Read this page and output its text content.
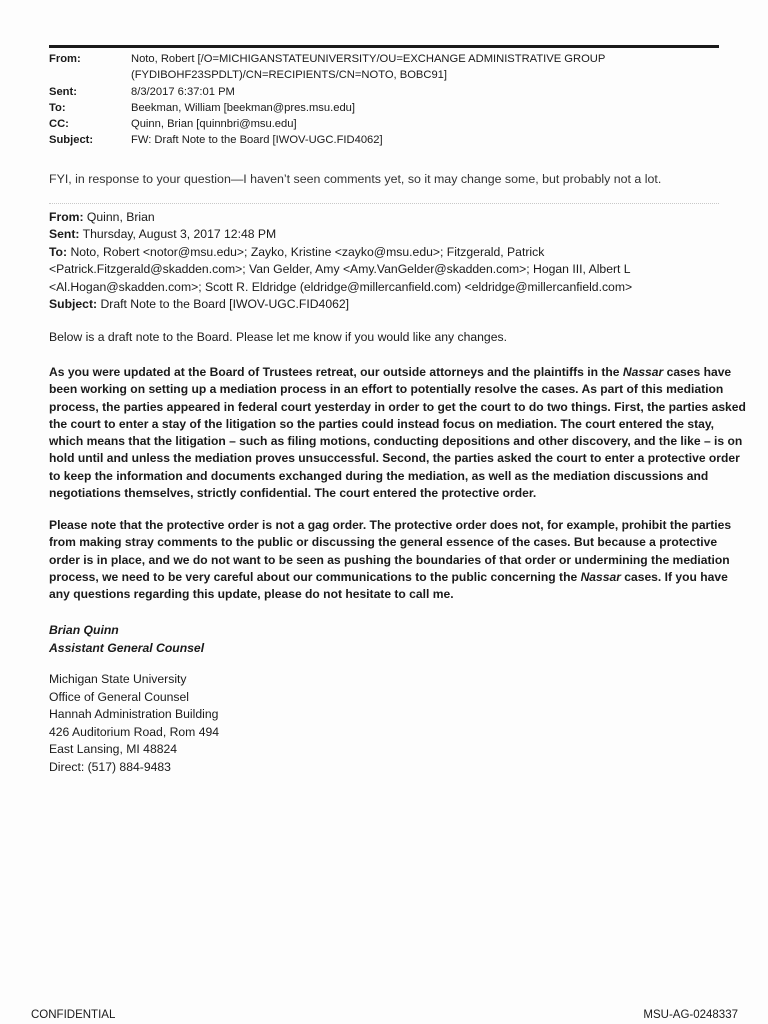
From:	Noto, Robert [/O=MICHIGANSTATEUNIVERSITY/OU=EXCHANGE ADMINISTRATIVE GROUP
(FYDIBOHF23SPDLT)/CN=RECIPIENTS/CN=NOTO, BOBC91]
Sent:	8/3/2017 6:37:01 PM
To:	Beekman, William [beekman@pres.msu.edu]
CC:	Quinn, Brian [quinnbri@msu.edu]
Subject:	FW: Draft Note to the Board [IWOV-UGC.FID4062]
FYI, in response to your question—I haven’t seen comments yet, so it may change some, but probably not a lot.
From: Quinn, Brian
Sent: Thursday, August 3, 2017 12:48 PM
To: Noto, Robert <notor@msu.edu>; Zayko, Kristine <zayko@msu.edu>; Fitzgerald, Patrick
<Patrick.Fitzgerald@skadden.com>; Van Gelder, Amy <Amy.VanGelder@skadden.com>; Hogan III, Albert L
<Al.Hogan@skadden.com>; Scott R. Eldridge (eldridge@millercanfield.com) <eldridge@millercanfield.com>
Subject: Draft Note to the Board [IWOV-UGC.FID4062]
Below is a draft note to the Board. Please let me know if you would like any changes.
As you were updated at the Board of Trustees retreat, our outside attorneys and the plaintiffs in the Nassar cases have been working on setting up a mediation process in an effort to potentially resolve the cases. As part of this mediation process, the parties appeared in federal court yesterday in order to get the court to do two things. First, the parties asked the court to enter a stay of the litigation so the parties could instead focus on mediation. The court entered the stay, which means that the litigation – such as filing motions, conducting depositions and other discovery, and the like – is on hold until and unless the mediation proves unsuccessful. Second, the parties asked the court to enter a protective order to keep the information and documents exchanged during the mediation, as well as the mediation discussions and negotiations themselves, strictly confidential. The court entered the protective order.
Please note that the protective order is not a gag order. The protective order does not, for example, prohibit the parties from making stray comments to the public or discussing the general essence of the cases. But because a protective order is in place, and we do not want to be seen as pushing the boundaries of that order or undermining the mediation process, we need to be very careful about our communications to the public concerning the Nassar cases. If you have any questions regarding this update, please do not hesitate to call me.
Brian Quinn
Assistant General Counsel
Michigan State University
Office of General Counsel
Hannah Administration Building
426 Auditorium Road, Rom 494
East Lansing, MI 48824
Direct: (517) 884-9483
CONFIDENTIAL	MSU-AG-0248337
